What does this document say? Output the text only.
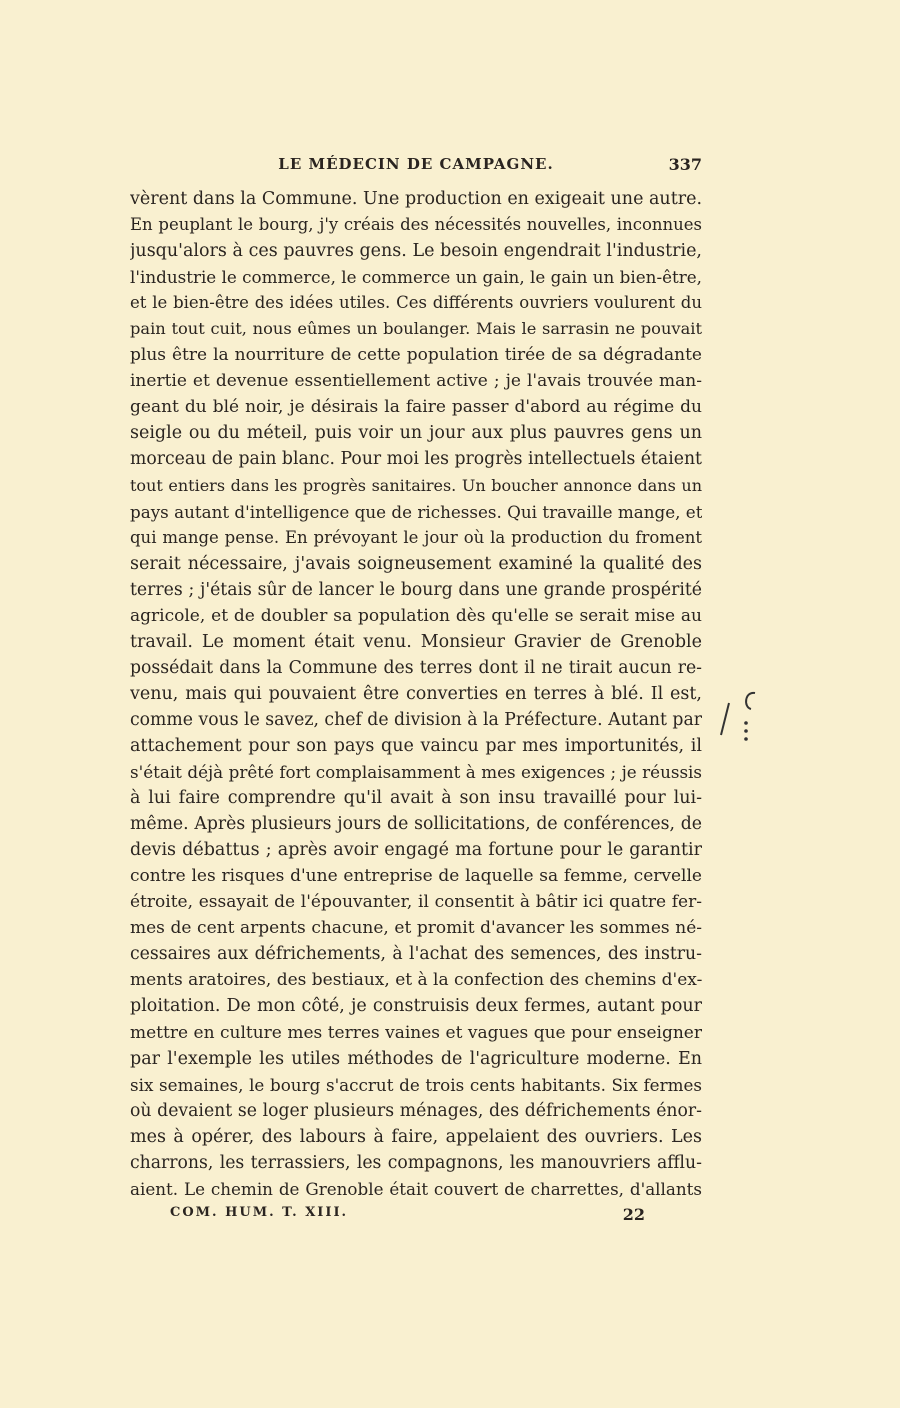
LE MÉDECIN DE CAMPAGNE.	337
vèrent dans la Commune. Une production en exigeait une autre.
En peuplant le bourg, j'y créais des nécessités nouvelles, inconnues
jusqu'alors à ces pauvres gens. Le besoin engendrait l'industrie,
l'industrie le commerce, le commerce un gain, le gain un bien-être,
et le bien-être des idées utiles. Ces différents ouvriers voulurent du
pain tout cuit, nous eûmes un boulanger. Mais le sarrasin ne pouvait
plus être la nourriture de cette population tirée de sa dégradante
inertie et devenue essentiellement active ; je l'avais trouvée man-
geant du blé noir, je désirais la faire passer d'abord au régime du
seigle ou du méteil, puis voir un jour aux plus pauvres gens un
morceau de pain blanc. Pour moi les progrès intellectuels étaient
tout entiers dans les progrès sanitaires. Un boucher annonce dans un
pays autant d'intelligence que de richesses. Qui travaille mange, et
qui mange pense. En prévoyant le jour où la production du froment
serait nécessaire, j'avais soigneusement examiné la qualité des
terres ; j'étais sûr de lancer le bourg dans une grande prospérité
agricole, et de doubler sa population dès qu'elle se serait mise au
travail. Le moment était venu. Monsieur Gravier de Grenoble
possédait dans la Commune des terres dont il ne tirait aucun re-
venu, mais qui pouvaient être converties en terres à blé. Il est,
comme vous le savez, chef de division à la Préfecture. Autant par
attachement pour son pays que vaincu par mes importunités, il
s'était déjà prêté fort complaisamment à mes exigences ; je réussis
à lui faire comprendre qu'il avait à son insu travaillé pour lui-
même. Après plusieurs jours de sollicitations, de conférences, de
devis débattus ; après avoir engagé ma fortune pour le garantir
contre les risques d'une entreprise de laquelle sa femme, cervelle
étroite, essayait de l'épouvanter, il consentit à bâtir ici quatre fer-
mes de cent arpents chacune, et promit d'avancer les sommes né-
cessaires aux défrichements, à l'achat des semences, des instru-
ments aratoires, des bestiaux, et à la confection des chemins d'ex-
ploitation. De mon côté, je construisis deux fermes, autant pour
mettre en culture mes terres vaines et vagues que pour enseigner
par l'exemple les utiles méthodes de l'agriculture moderne. En
six semaines, le bourg s'accrut de trois cents habitants. Six fermes
où devaient se loger plusieurs ménages, des défrichements énor-
mes à opérer, des labours à faire, appelaient des ouvriers. Les
charrons, les terrassiers, les compagnons, les manouvriers afflu-
aient. Le chemin de Grenoble était couvert de charrettes, d'allants
COM. HUM. T. XIII.	22
